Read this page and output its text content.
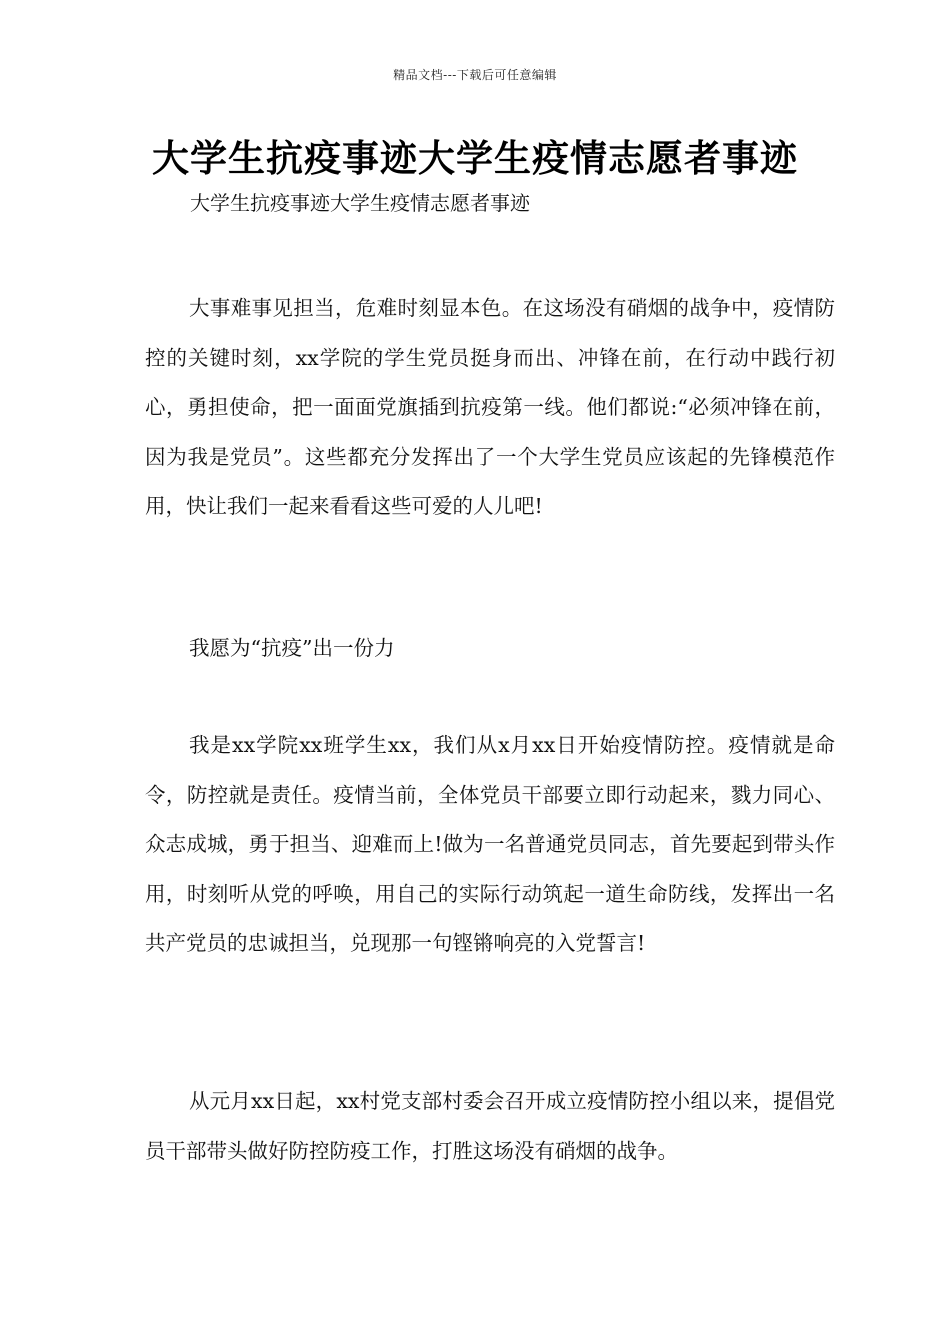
精品文档---下载后可任意编辑
大学生抗疫事迹大学生疫情志愿者事迹
大学生抗疫事迹大学生疫情志愿者事迹

大事难事见担当，危难时刻显本色。在这场没有硝烟的战争中，疫情防控的关键时刻，xx学院的学生党员挺身而出、冲锋在前，在行动中践行初心，勇担使命，把一面面党旗插到抗疫第一线。他们都说:“必须冲锋在前，因为我是党员”。这些都充分发挥出了一个大学生党员应该起的先锋模范作用，快让我们一起来看看这些可爱的人儿吧!

我愿为“抗疫”出一份力

我是xx学院xx班学生xx，我们从x月xx日开始疫情防控。疫情就是命令，防控就是责任。疫情当前，全体党员干部要立即行动起来，戮力同心、众志成城，勇于担当、迎难而上!做为一名普通党员同志，首先要起到带头作用，时刻听从党的呼唤，用自己的实际行动筑起一道生命防线，发挥出一名共产党员的忠诚担当，兑现那一句铿锵响亮的入党誓言!

从元月xx日起，xx村党支部村委会召开成立疫情防控小组以来，提倡党员干部带头做好防控防疫工作，打胜这场没有硝烟的战争。
